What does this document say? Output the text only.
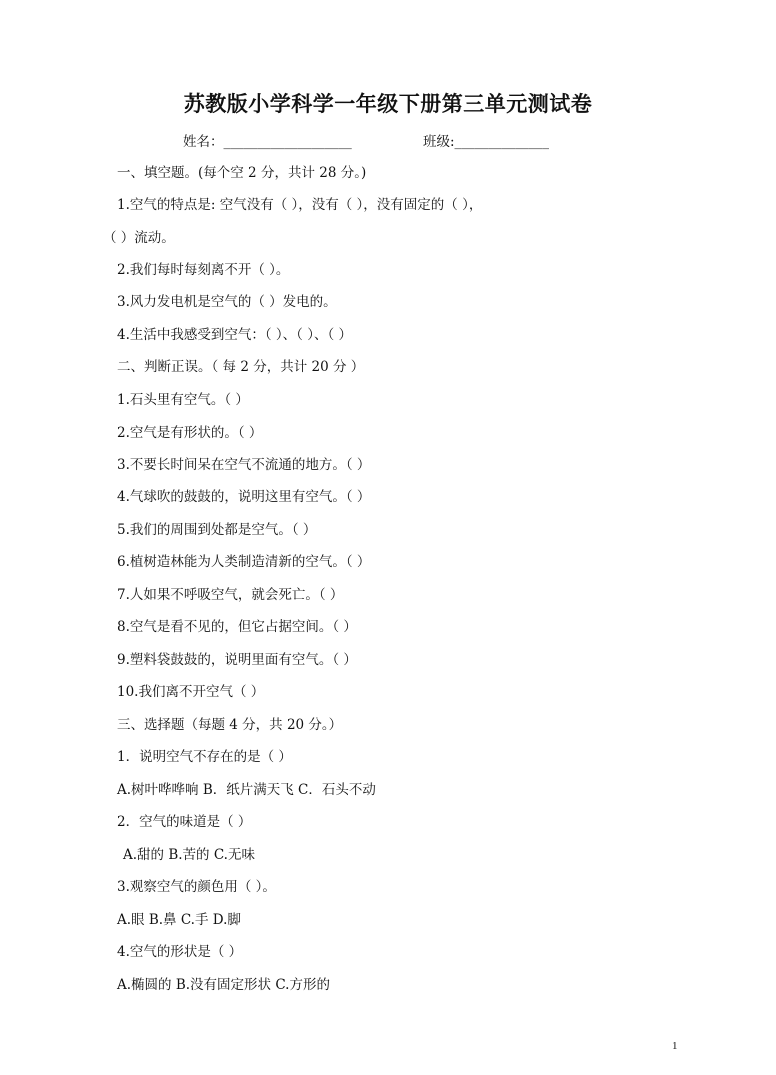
苏教版小学科学一年级下册第三单元测试卷
姓名：___________________	班级:______________
一、填空题。(每个空 2 分，共计 28 分。)
1.空气的特点是: 空气没有（ ），没有（ ），没有固定的（ ），
（ ）流动。
2.我们每时每刻离不开（ ）。
3.风力发电机是空气的（ ）发电的。
4.生活中我感受到空气：（ ）、（ ）、（ ）
二、判断正误。（ 每 2 分，共计 20 分 ）
1.石头里有空气。（ ）
2.空气是有形状的。（ ）
3.不要长时间呆在空气不流通的地方。（ ）
4.气球吹的鼓鼓的，说明这里有空气。（ ）
5.我们的周围到处都是空气。（ ）
6.植树造林能为人类制造清新的空气。（ ）
7.人如果不呼吸空气，就会死亡。（ ）
8.空气是看不见的，但它占据空间。（ ）
9.塑料袋鼓鼓的，说明里面有空气。（ ）
10.我们离不开空气（ ）
三、选择题（每题 4 分，共 20 分。）
1．说明空气不存在的是（ ）
A.树叶哗哗响 B．纸片满天飞 C．石头不动
2．空气的味道是（ ）
A.甜的 B.苦的 C.无味
3.观察空气的颜色用（ ）。
A.眼 B.鼻 C.手 D.脚
4.空气的形状是（ ）
A.椭圆的 B.没有固定形状 C.方形的
1
